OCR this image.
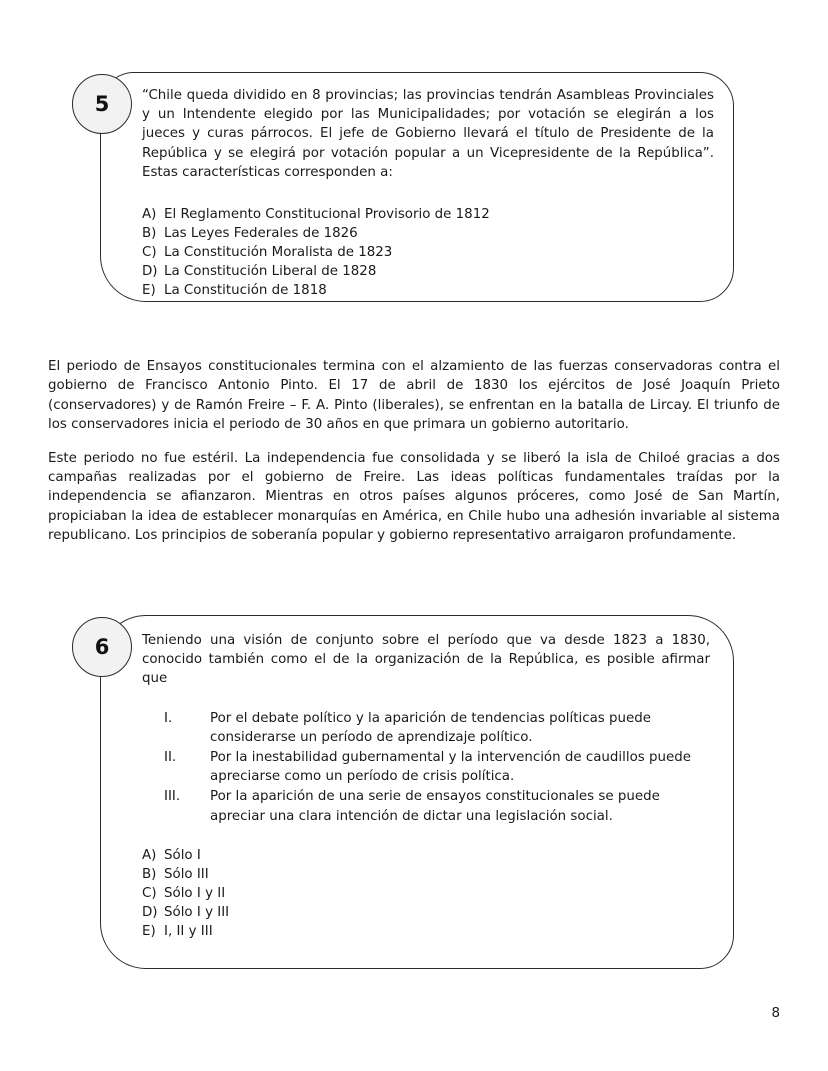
5 “Chile queda dividido en 8 provincias; las provincias tendrán Asambleas Provinciales y un Intendente elegido por las Municipalidades; por votación se elegirán a los jueces y curas párrocos. El jefe de Gobierno llevará el título de Presidente de la República y se elegirá por votación popular a un Vicepresidente de la República”. Estas características corresponden a:

A) El Reglamento Constitucional Provisorio de 1812
B) Las Leyes Federales de 1826
C) La Constitución Moralista de 1823
D) La Constitución Liberal de 1828
E) La Constitución de 1818

El periodo de Ensayos constitucionales termina con el alzamiento de las fuerzas conservadoras contra el gobierno de Francisco Antonio Pinto. El 17 de abril de 1830 los ejércitos de José Joaquín Prieto (conservadores) y de Ramón Freire – F. A. Pinto (liberales), se enfrentan en la batalla de Lircay. El triunfo de los conservadores inicia el periodo de 30 años en que primara un gobierno autoritario.

Este periodo no fue estéril. La independencia fue consolidada y se liberó la isla de Chiloé gracias a dos campañas realizadas por el gobierno de Freire. Las ideas políticas fundamentales traídas por la independencia se afianzaron. Mientras en otros países algunos próceres, como José de San Martín, propiciaban la idea de establecer monarquías en América, en Chile hubo una adhesión invariable al sistema republicano. Los principios de soberanía popular y gobierno representativo arraigaron profundamente.

6 Teniendo una visión de conjunto sobre el período que va desde 1823 a 1830, conocido también como el de la organización de la República, es posible afirmar que

I.	Por el debate político y la aparición de tendencias políticas puede considerarse un período de aprendizaje político.
II.	Por la inestabilidad gubernamental y la intervención de caudillos puede apreciarse como un período de crisis política.
III.	Por la aparición de una serie de ensayos constitucionales se puede apreciar una clara intención de dictar una legislación social.
A) Sólo I
B) Sólo III
C) Sólo I y II
D) Sólo I y III
E) I, II y III
8
